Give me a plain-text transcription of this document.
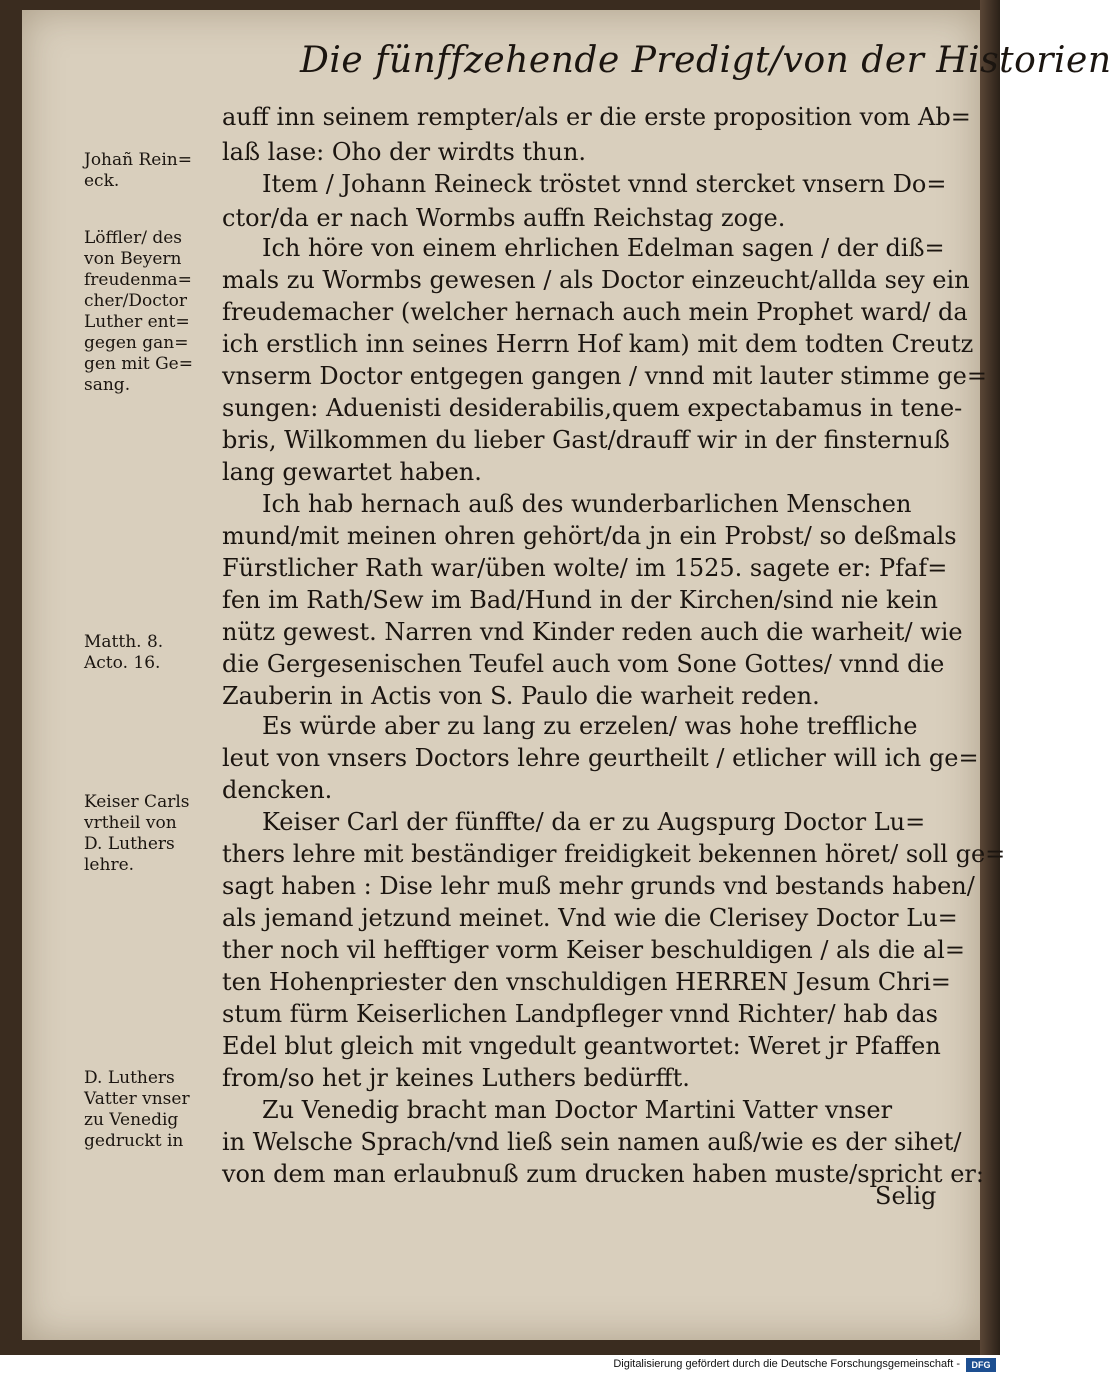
Die fünffzehende Predigt/von der Historien
auff inn seinem rempter/als er die erste proposition vom Ab=
laß lase: Oho der wirdts thun.
Item / Johann Reineck tröstet vnnd stercket vnsern Do=
ctor/da er nach Wormbs auffn Reichstag zoge.
Ich höre von einem ehrlichen Edelman sagen / der diß=
mals zu Wormbs gewesen / als Doctor einzeucht/allda sey ein
freudemacher (welcher hernach auch mein Prophet ward/ da
ich erstlich inn seines Herrn Hof kam) mit dem todten Creutz
vnserm Doctor entgegen gangen / vnnd mit lauter stimme ge=
sungen: Aduenisti desiderabilis,quem expectabamus in tene-
bris, Wilkommen du lieber Gast/drauff wir in der finsternuß
lang gewartet haben.
Ich hab hernach auß des wunderbarlichen Menschen
mund/mit meinen ohren gehört/da jn ein Probst/ so deßmals
Fürstlicher Rath war/üben wolte/ im 1525. sagete er: Pfaf=
fen im Rath/Sew im Bad/Hund in der Kirchen/sind nie kein
nütz gewest. Narren vnd Kinder reden auch die warheit/ wie
die Gergesenischen Teufel auch vom Sone Gottes/ vnnd die
Zauberin in Actis von S. Paulo die warheit reden.
Es würde aber zu lang zu erzelen/ was hohe treffliche
leut von vnsers Doctors lehre geurtheilt / etlicher will ich ge=
dencken.
Keiser Carl der fünffte/ da er zu Augspurg Doctor Lu=
thers lehre mit beständiger freidigkeit bekennen höret/ soll ge=
sagt haben : Dise lehr muß mehr grunds vnd bestands haben/
als jemand jetzund meinet. Vnd wie die Clerisey Doctor Lu=
ther noch vil hefftiger vorm Keiser beschuldigen / als die al=
ten Hohenpriester den vnschuldigen HERREN Jesum Chri=
stum fürm Keiserlichen Landpfleger vnnd Richter/ hab das
Edel blut gleich mit vngedult geantwortet: Weret jr Pfaffen
from/so het jr keines Luthers bedürfft.
Zu Venedig bracht man Doctor Martini Vatter vnser
in Welsche Sprach/vnd ließ sein namen auß/wie es der sihet/
von dem man erlaubnuß zum drucken haben muste/spricht er:
Selig
Johañ Rein=
eck.
Löffler/ des
von Beyern
freudenma=
cher/Doctor
Luther ent=
gegen gan=
gen mit Ge=
sang.
Matth. 8.
Acto. 16.
Keiser Carls
vrtheil von
D. Luthers
lehre.
D. Luthers
Vatter vnser
zu Venedig
gedruckt in
Digitalisierung gefördert durch die Deutsche Forschungsgemeinschaft -	DFG
